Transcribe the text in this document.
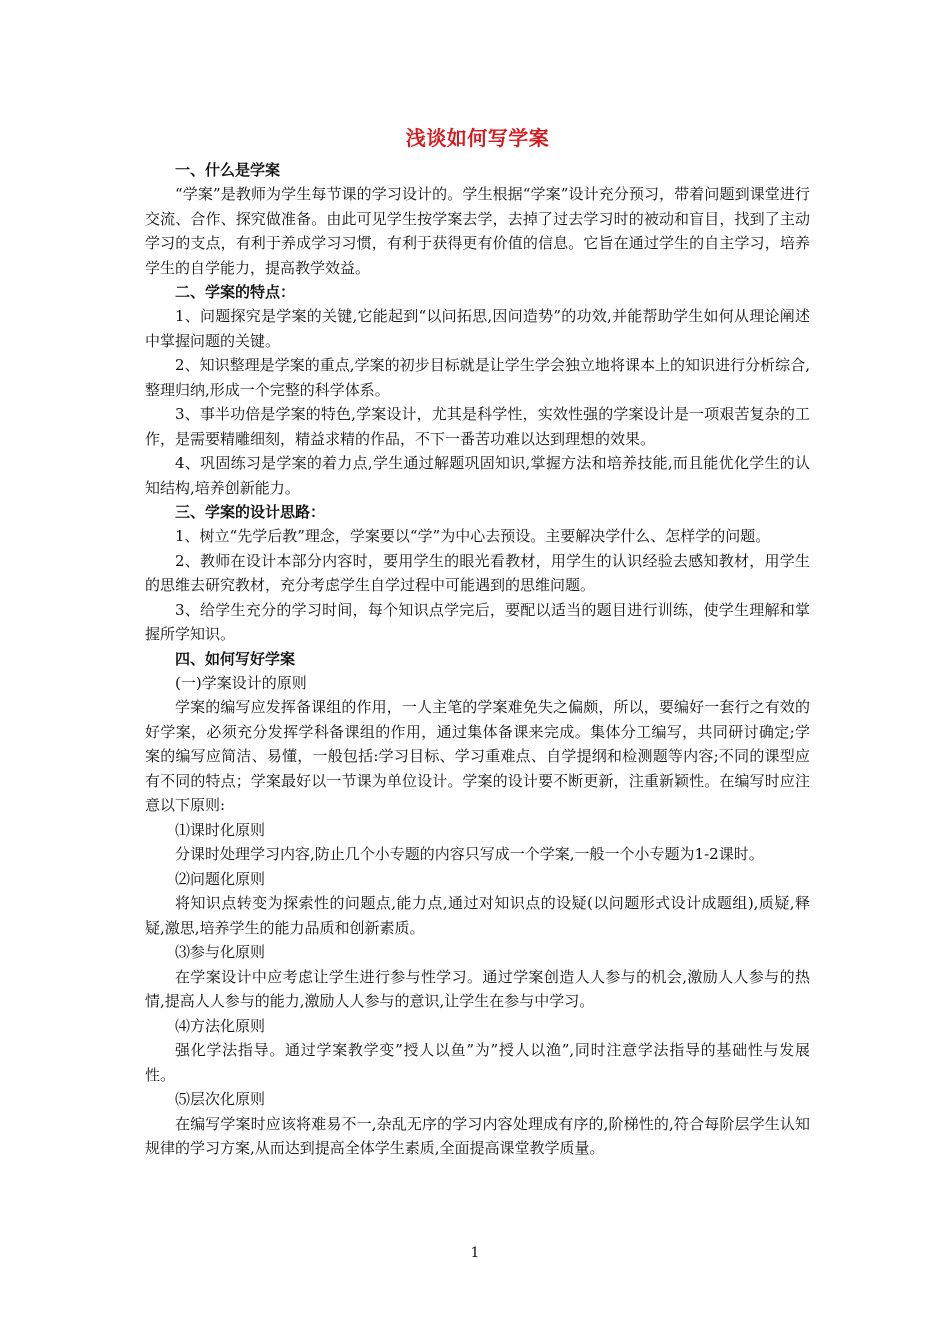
浅谈如何写学案
一、什么是学案
“学案”是教师为学生每节课的学习设计的。学生根据“学案”设计充分预习，带着问题到课堂进行交流、合作、探究做准备。由此可见学生按学案去学，去掉了过去学习时的被动和盲目，找到了主动学习的支点，有利于养成学习习惯，有利于获得更有价值的信息。它旨在通过学生的自主学习，培养学生的自学能力，提高教学效益。
二、学案的特点：
1、问题探究是学案的关键,它能起到“以问拓思,因问造势”的功效,并能帮助学生如何从理论阐述中掌握问题的关键。
2、知识整理是学案的重点,学案的初步目标就是让学生学会独立地将课本上的知识进行分析综合,整理归纳,形成一个完整的科学体系。
3、事半功倍是学案的特色,学案设计，尤其是科学性，实效性强的学案设计是一项艰苦复杂的工作，是需要精雕细刻，精益求精的作品，不下一番苦功难以达到理想的效果。
4、巩固练习是学案的着力点,学生通过解题巩固知识,掌握方法和培养技能,而且能优化学生的认知结构,培养创新能力。
三、学案的设计思路：
1、树立“先学后教”理念，学案要以“学”为中心去预设。主要解决学什么、怎样学的问题。
2、教师在设计本部分内容时，要用学生的眼光看教材，用学生的认识经验去感知教材，用学生的思维去研究教材，充分考虑学生自学过程中可能遇到的思维问题。
3、给学生充分的学习时间，每个知识点学完后，要配以适当的题目进行训练，使学生理解和掌握所学知识。
四、如何写好学案
(一)学案设计的原则
学案的编写应发挥备课组的作用，一人主笔的学案难免失之偏颇，所以，要编好一套行之有效的好学案，必须充分发挥学科备课组的作用，通过集体备课来完成。集体分工编写，共同研讨确定;学案的编写应简洁、易懂，一般包括:学习目标、学习重难点、自学提纲和检测题等内容;不同的课型应有不同的特点；学案最好以一节课为单位设计。学案的设计要不断更新，注重新颖性。在编写时应注意以下原则:
⑴课时化原则
分课时处理学习内容,防止几个小专题的内容只写成一个学案,一般一个小专题为1-2课时。
⑵问题化原则
将知识点转变为探索性的问题点,能力点,通过对知识点的设疑(以问题形式设计成题组),质疑,释疑,激思,培养学生的能力品质和创新素质。
⑶参与化原则
在学案设计中应考虑让学生进行参与性学习。通过学案创造人人参与的机会,激励人人参与的热情,提高人人参与的能力,激励人人参与的意识,让学生在参与中学习。
⑷方法化原则
强化学法指导。通过学案教学变”授人以鱼”为”授人以渔”,同时注意学法指导的基础性与发展性。
⑸层次化原则
在编写学案时应该将难易不一,杂乱无序的学习内容处理成有序的,阶梯性的,符合每阶层学生认知规律的学习方案,从而达到提高全体学生素质,全面提高课堂教学质量。
1
